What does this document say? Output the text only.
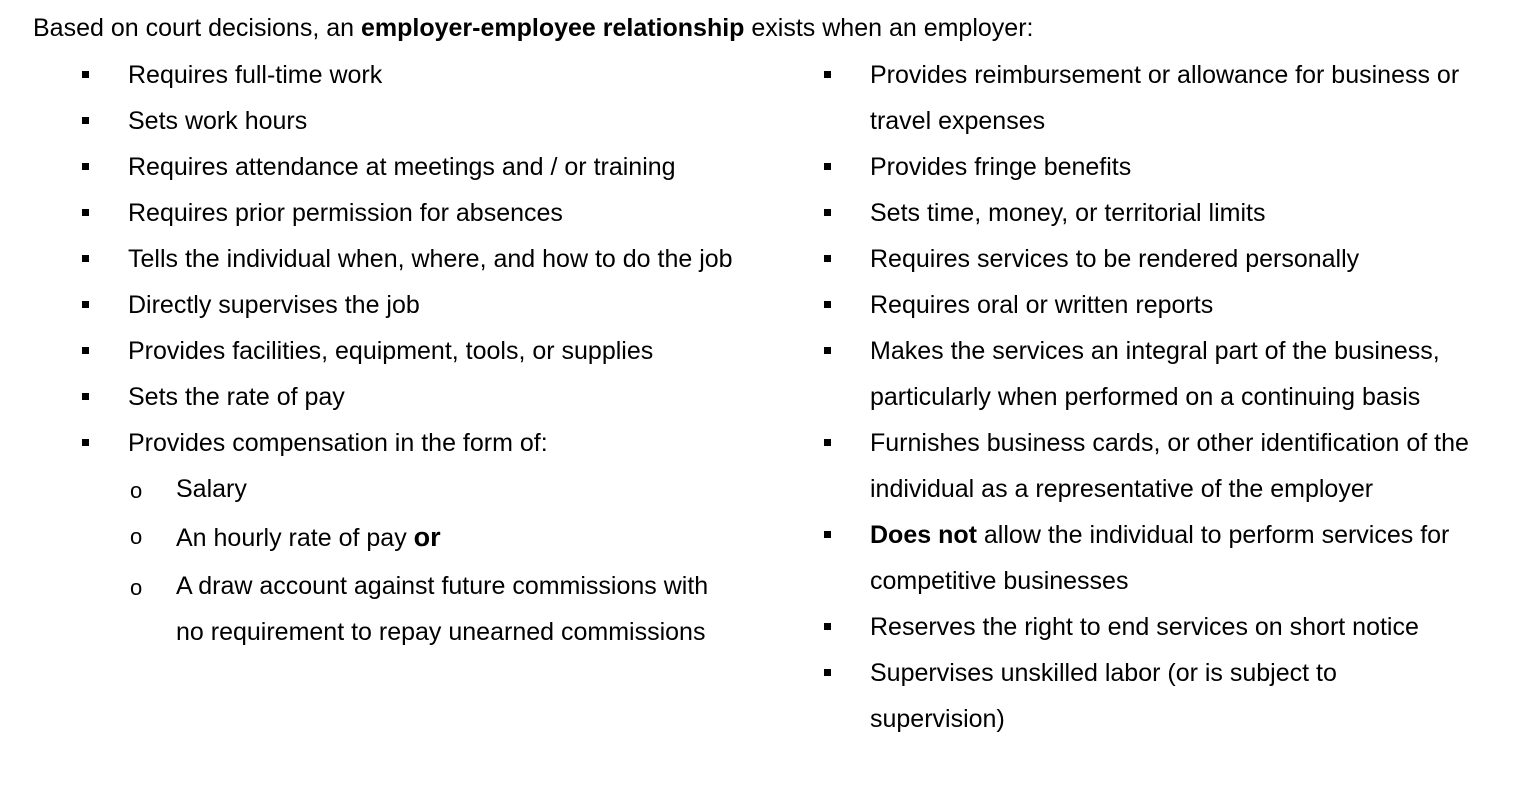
Based on court decisions, an employer-employee relationship exists when an employer:

Requires full-time work
Sets work hours
Requires attendance at meetings and / or training
Requires prior permission for absences
Tells the individual when, where, and how to do the job
Directly supervises the job
Provides facilities, equipment, tools, or supplies
Sets the rate of pay
Provides compensation in the form of:
o Salary
o An hourly rate of pay or
o A draw account against future commissions with no requirement to repay unearned commissions
Provides reimbursement or allowance for business or travel expenses
Provides fringe benefits
Sets time, money, or territorial limits
Requires services to be rendered personally
Requires oral or written reports
Makes the services an integral part of the business, particularly when performed on a continuing basis
Furnishes business cards, or other identification of the individual as a representative of the employer
Does not allow the individual to perform services for competitive businesses
Reserves the right to end services on short notice
Supervises unskilled labor (or is subject to supervision)
